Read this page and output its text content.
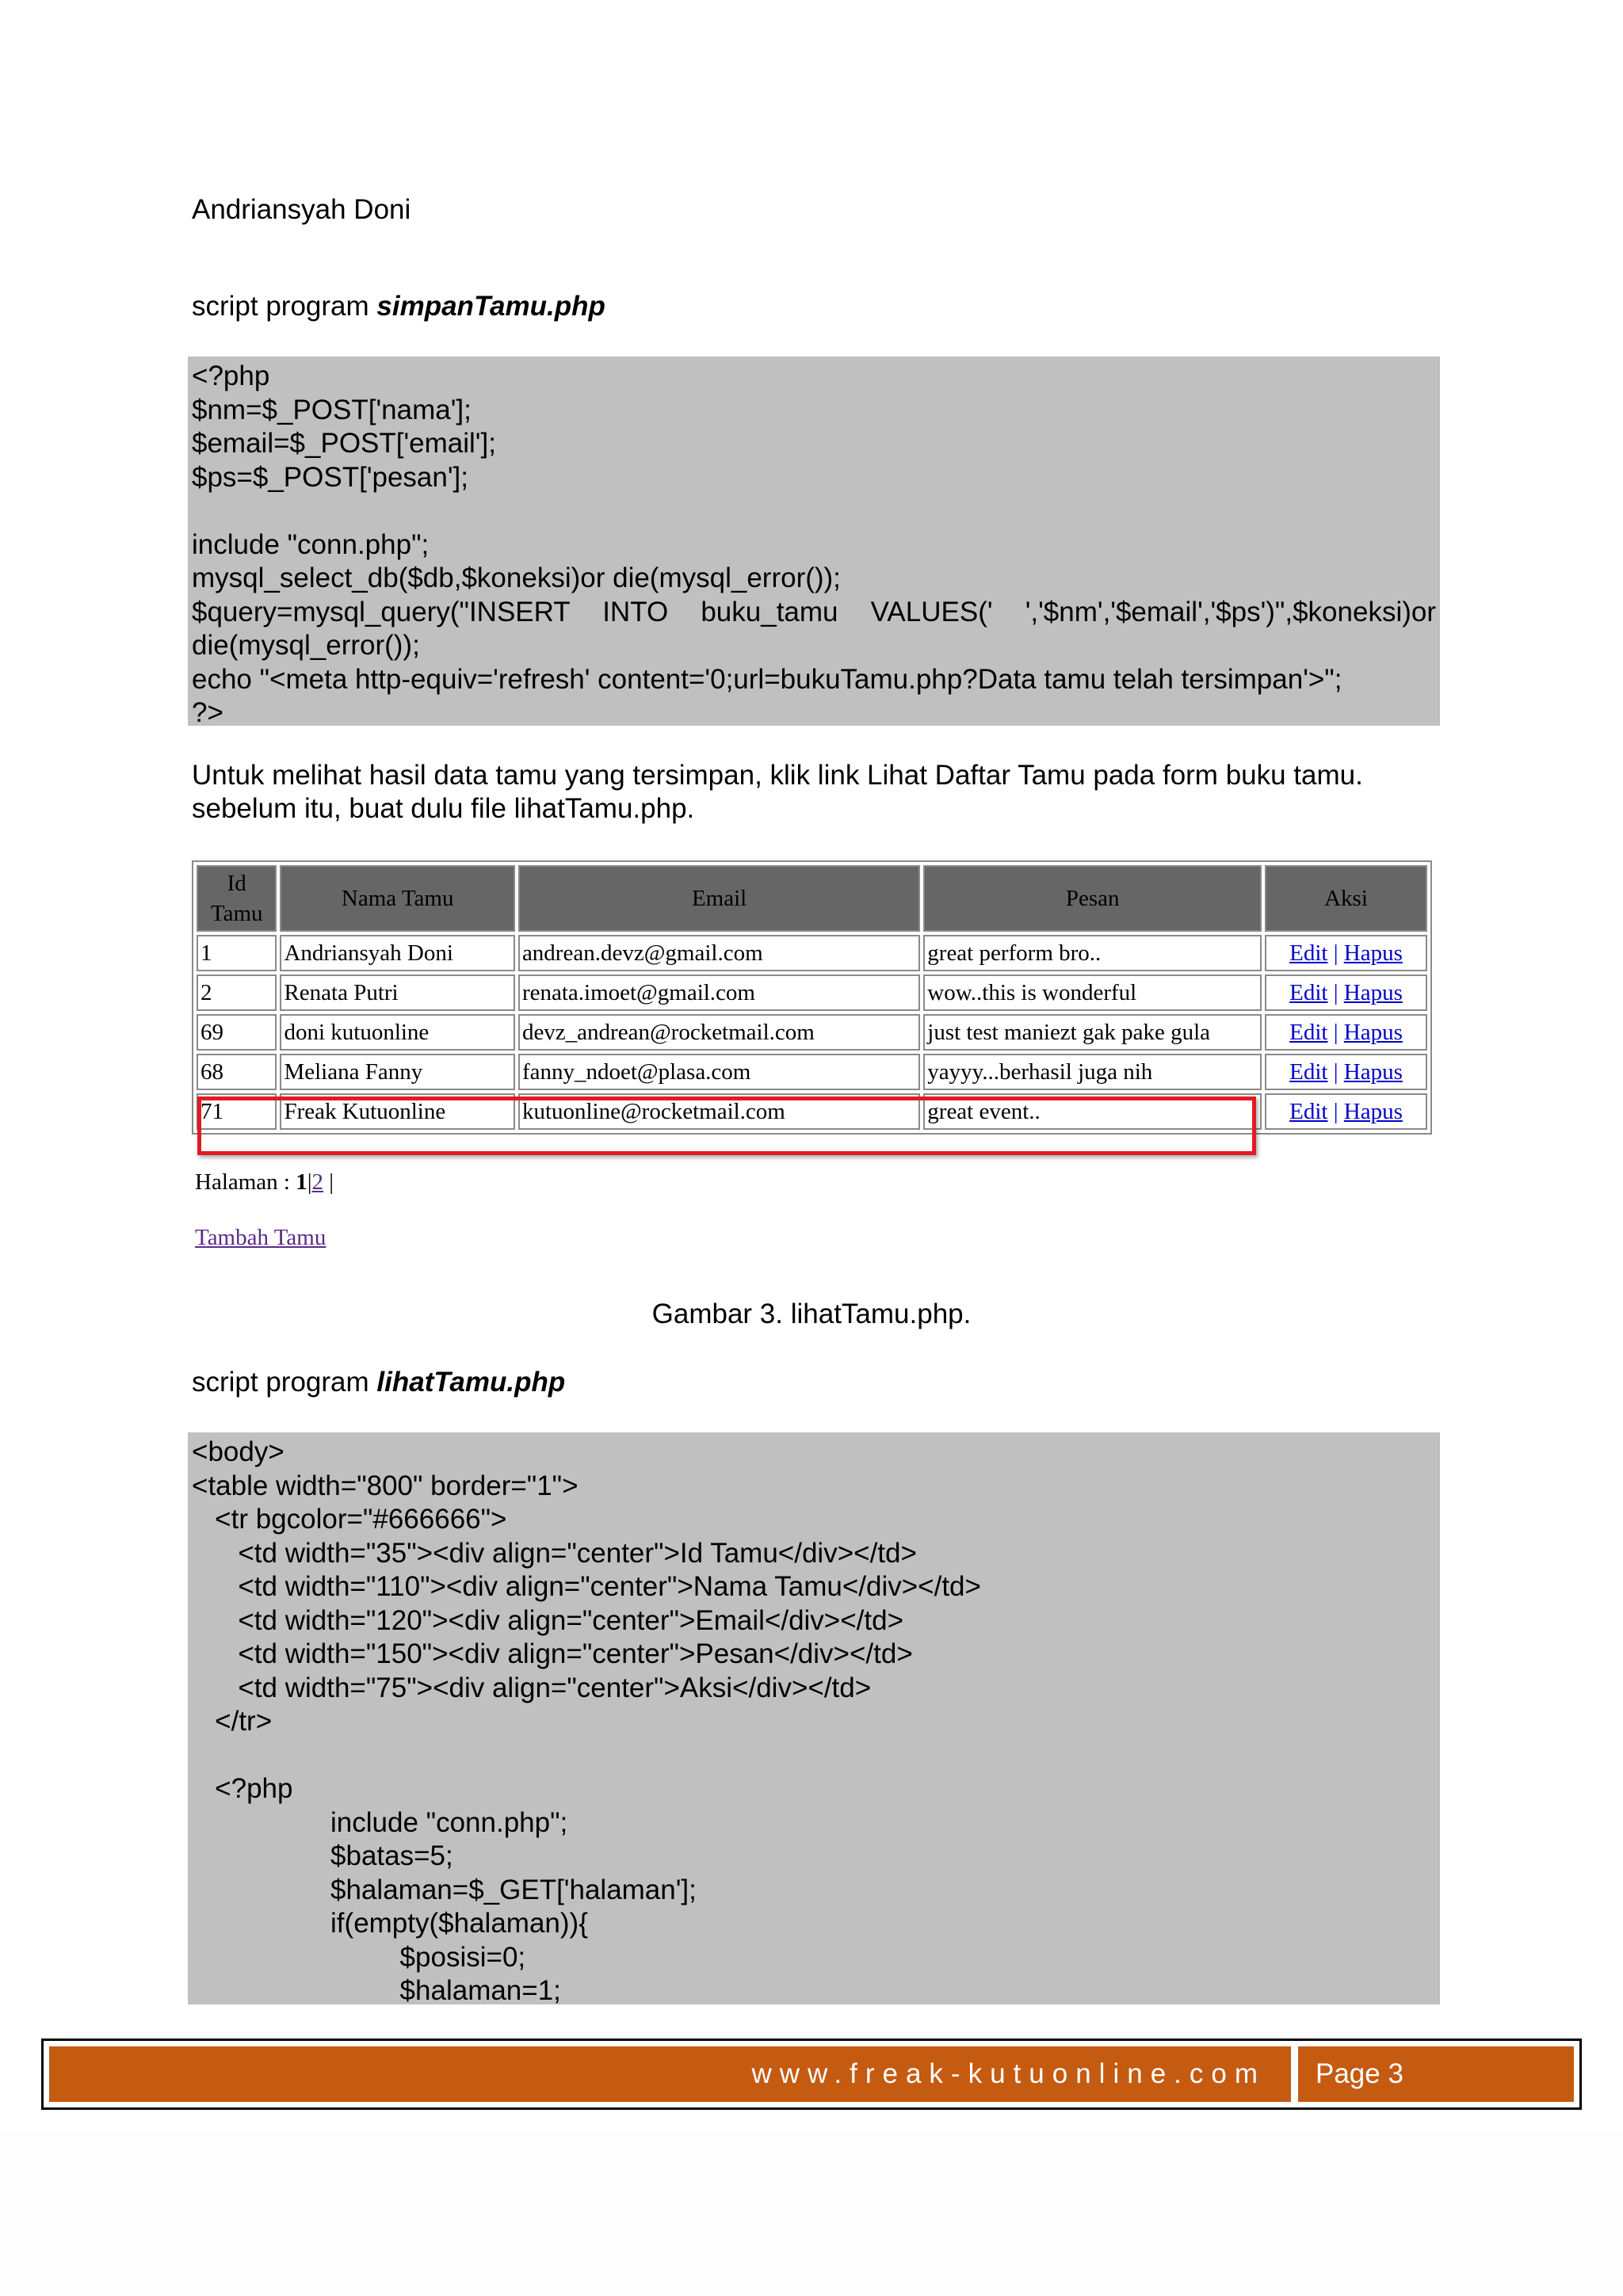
Andriansyah Doni
script program simpanTamu.php
<?php
$nm=$_POST['nama'];
$email=$_POST['email'];
$ps=$_POST['pesan'];
include "conn.php";
mysql_select_db($db,$koneksi)or die(mysql_error());
$query=mysql_query("INSERT INTO buku_tamu VALUES(' ','$nm','$email','$ps')",$koneksi)or
die(mysql_error());
echo "<meta http-equiv='refresh' content='0;url=bukuTamu.php?Data tamu telah tersimpan'>";
?>
Untuk melihat hasil data tamu yang tersimpan, klik link Lihat Daftar Tamu pada form buku tamu. sebelum itu, buat dulu file lihatTamu.php.
Id
Tamu	Nama Tamu	Email	Pesan	Aksi
1	Andriansyah Doni	andrean.devz@gmail.com	great perform bro..	Edit | Hapus
2	Renata Putri	renata.imoet@gmail.com	wow..this is wonderful	Edit | Hapus
69	doni kutuonline	devz_andrean@rocketmail.com	just test maniezt gak pake gula	Edit | Hapus
68	Meliana Fanny	fanny_ndoet@plasa.com	yayyy...berhasil juga nih	Edit | Hapus
71	Freak Kutuonline	kutuonline@rocketmail.com	great event..	Edit | Hapus
Halaman : 1|2 |
Tambah Tamu
Gambar 3. lihatTamu.php.
script program lihatTamu.php
<body>
<table width="800" border="1">
<tr bgcolor="#666666">
<td width="35"><div align="center">Id Tamu</div></td>
<td width="110"><div align="center">Nama Tamu</div></td>
<td width="120"><div align="center">Email</div></td>
<td width="150"><div align="center">Pesan</div></td>
<td width="75"><div align="center">Aksi</div></td>
</tr>
<?php
include "conn.php";
$batas=5;
$halaman=$_GET['halaman'];
if(empty($halaman)){
$posisi=0;
$halaman=1;
www.freak-kutuonline.com	Page 3
